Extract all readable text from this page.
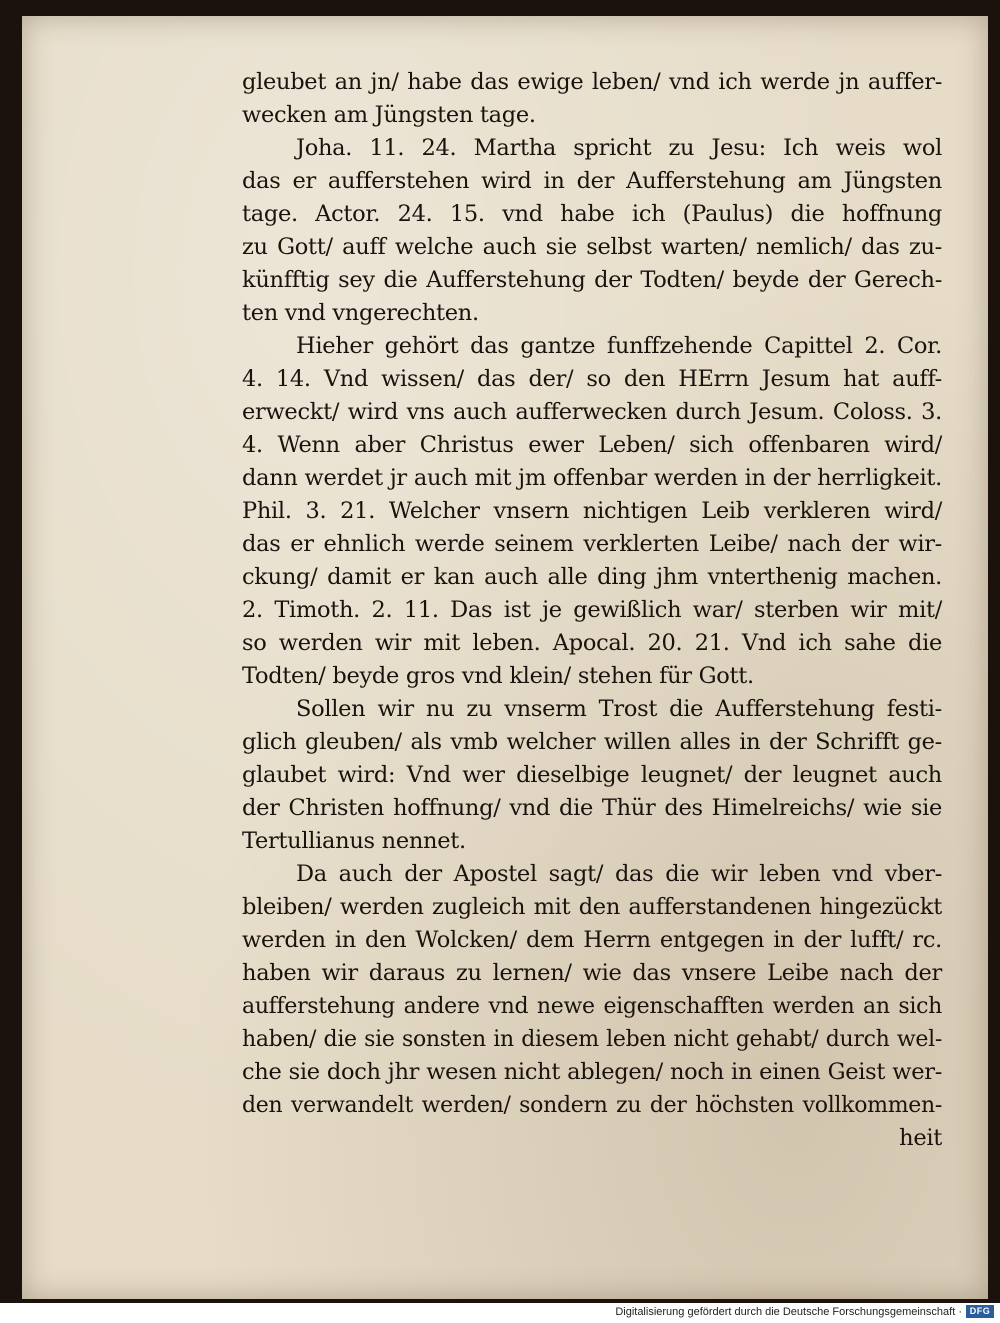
gleubet an jn/ habe das ewige leben/ vnd ich werde jn auffer-
wecken am Jüngsten tage.
Joha. 11. 24. Martha spricht zu Jesu: Ich weis wol
das er aufferstehen wird in der Aufferstehung am Jüngsten
tage. Actor. 24. 15. vnd habe ich (Paulus) die hoffnung
zu Gott/ auff welche auch sie selbst warten/ nemlich/ das zu-
künfftig sey die Aufferstehung der Todten/ beyde der Gerech-
ten vnd vngerechten.
Hieher gehört das gantze funffzehende Capittel 2. Cor.
4. 14. Vnd wissen/ das der/ so den HErrn Jesum hat auff-
erweckt/ wird vns auch aufferwecken durch Jesum. Coloss. 3.
4. Wenn aber Christus ewer Leben/ sich offenbaren wird/
dann werdet jr auch mit jm offenbar werden in der herrligkeit.
Phil. 3. 21. Welcher vnsern nichtigen Leib verkleren wird/
das er ehnlich werde seinem verklerten Leibe/ nach der wir-
ckung/ damit er kan auch alle ding jhm vnterthenig machen.
2. Timoth. 2. 11. Das ist je gewißlich war/ sterben wir mit/
so werden wir mit leben. Apocal. 20. 21. Vnd ich sahe die
Todten/ beyde gros vnd klein/ stehen für Gott.
Sollen wir nu zu vnserm Trost die Aufferstehung festi-
glich gleuben/ als vmb welcher willen alles in der Schrifft ge-
glaubet wird: Vnd wer dieselbige leugnet/ der leugnet auch
der Christen hoffnung/ vnd die Thür des Himelreichs/ wie sie
Tertullianus nennet.
Da auch der Apostel sagt/ das die wir leben vnd vber-
bleiben/ werden zugleich mit den aufferstandenen hingezückt
werden in den Wolcken/ dem Herrn entgegen in der lufft/ rc.
haben wir daraus zu lernen/ wie das vnsere Leibe nach der
aufferstehung andere vnd newe eigenschafften werden an sich
haben/ die sie sonsten in diesem leben nicht gehabt/ durch wel-
che sie doch jhr wesen nicht ablegen/ noch in einen Geist wer-
den verwandelt werden/ sondern zu der höchsten vollkommen-
heit
Digitalisierung gefördert durch die Deutsche Forschungsgemeinschaft · DFG
